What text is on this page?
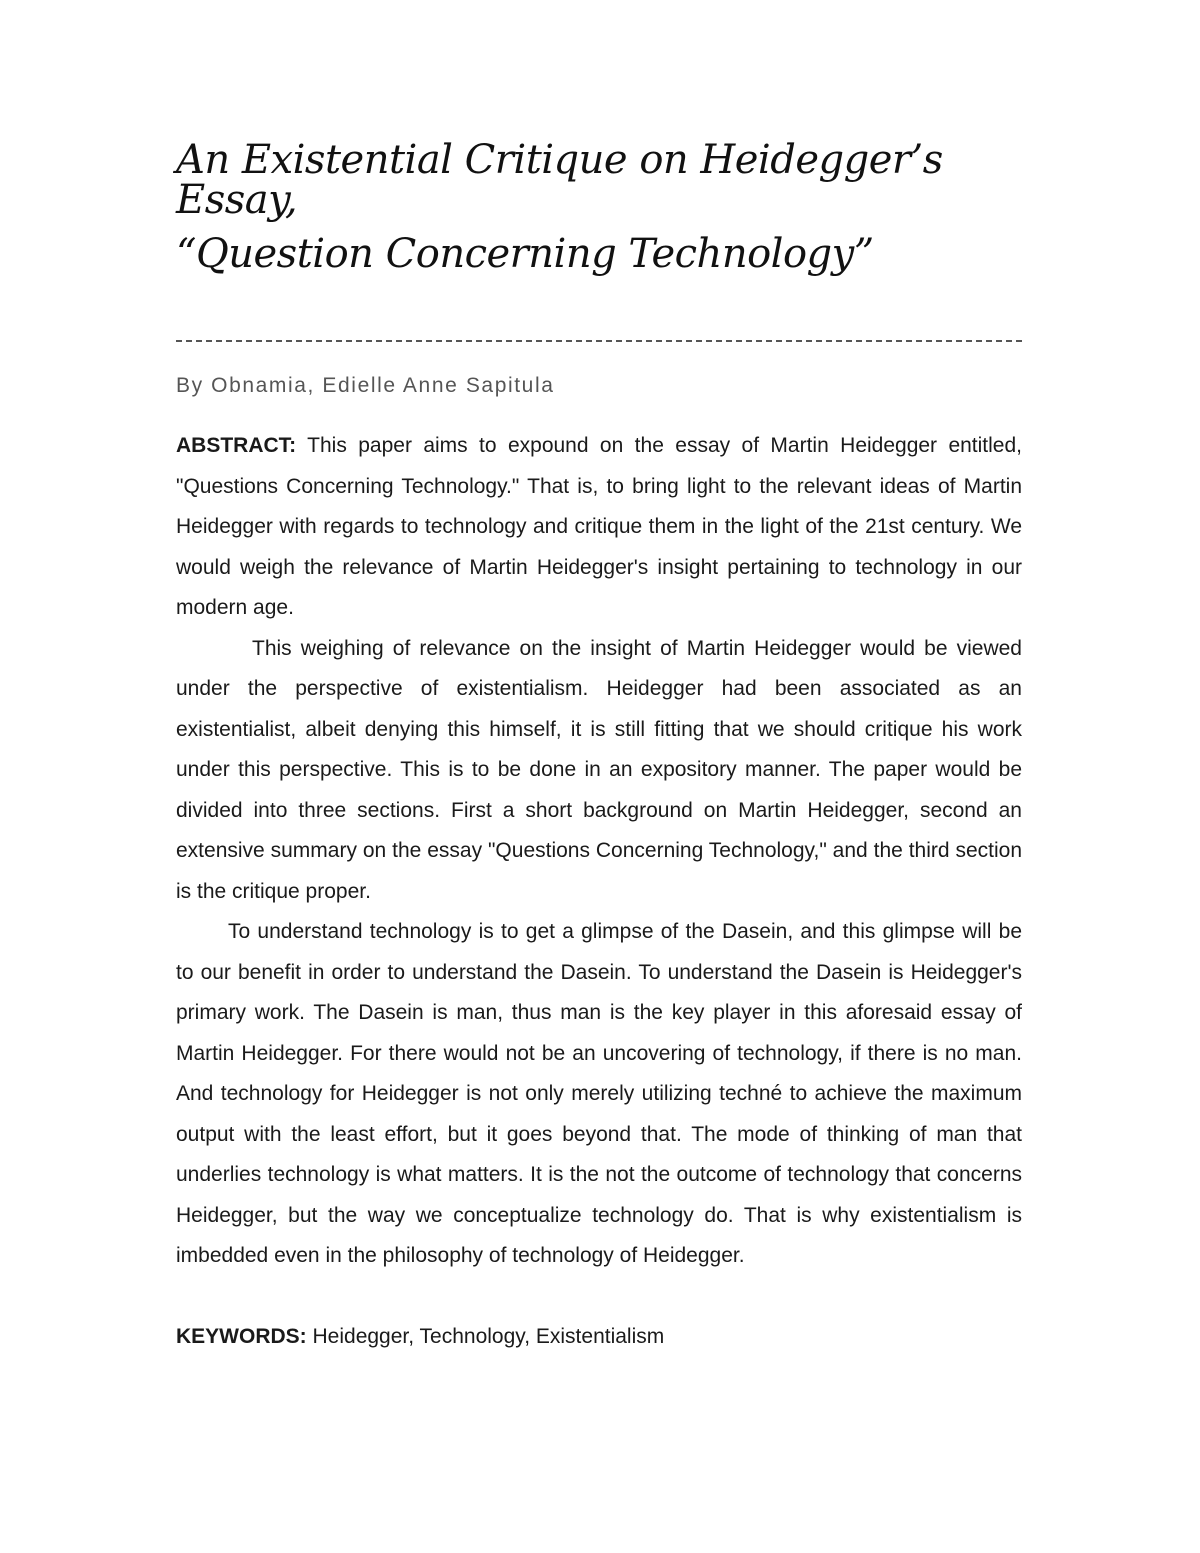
An Existential Critique on Heidegger’s Essay,
“Question Concerning Technology”
By Obnamia, Edielle Anne Sapitula

ABSTRACT: This paper aims to expound on the essay of Martin Heidegger entitled, "Questions Concerning Technology." That is, to bring light to the relevant ideas of Martin Heidegger with regards to technology and critique them in the light of the 21st century. We would weigh the relevance of Martin Heidegger's insight pertaining to technology in our modern age.

This weighing of relevance on the insight of Martin Heidegger would be viewed under the perspective of existentialism. Heidegger had been associated as an existentialist, albeit denying this himself, it is still fitting that we should critique his work under this perspective. This is to be done in an expository manner. The paper would be divided into three sections. First a short background on Martin Heidegger, second an extensive summary on the essay "Questions Concerning Technology," and the third section is the critique proper.

To understand technology is to get a glimpse of the Dasein, and this glimpse will be to our benefit in order to understand the Dasein. To understand the Dasein is Heidegger's primary work. The Dasein is man, thus man is the key player in this aforesaid essay of Martin Heidegger. For there would not be an uncovering of technology, if there is no man. And technology for Heidegger is not only merely utilizing techné to achieve the maximum output with the least effort, but it goes beyond that. The mode of thinking of man that underlies technology is what matters. It is the not the outcome of technology that concerns Heidegger, but the way we conceptualize technology do. That is why existentialism is imbedded even in the philosophy of technology of Heidegger.

KEYWORDS: Heidegger, Technology, Existentialism
